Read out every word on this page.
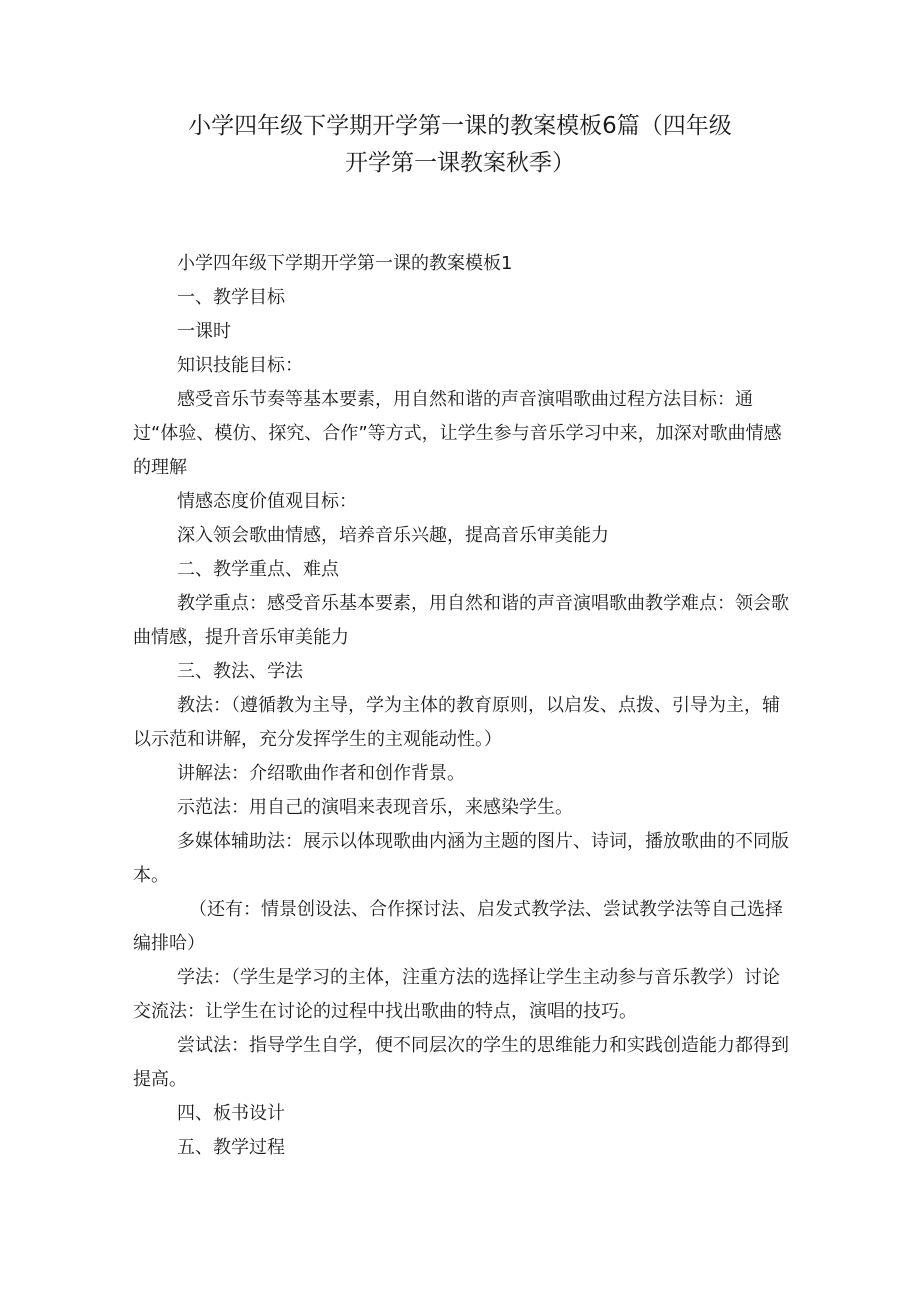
小学四年级下学期开学第一课的教案模板6篇（四年级
开学第一课教案秋季）

小学四年级下学期开学第一课的教案模板1

一、教学目标

一课时

知识技能目标：

感受音乐节奏等基本要素，用自然和谐的声音演唱歌曲过程方法目标：通过“体验、模仿、探究、合作”等方式，让学生参与音乐学习中来，加深对歌曲情感的理解

情感态度价值观目标：

深入领会歌曲情感，培养音乐兴趣，提高音乐审美能力

二、教学重点、难点

教学重点：感受音乐基本要素，用自然和谐的声音演唱歌曲教学难点：领会歌曲情感，提升音乐审美能力

三、教法、学法

教法：（遵循教为主导，学为主体的教育原则，以启发、点拨、引导为主，辅以示范和讲解，充分发挥学生的主观能动性。）

讲解法：介绍歌曲作者和创作背景。

示范法：用自己的演唱来表现音乐，来感染学生。

多媒体辅助法：展示以体现歌曲内涵为主题的图片、诗词，播放歌曲的不同版本。

（还有：情景创设法、合作探讨法、启发式教学法、尝试教学法等自己选择编排哈）

学法：（学生是学习的主体，注重方法的选择让学生主动参与音乐教学）讨论交流法：让学生在讨论的过程中找出歌曲的特点，演唱的技巧。

尝试法：指导学生自学，便不同层次的学生的思维能力和实践创造能力都得到提高。

四、板书设计

五、教学过程
